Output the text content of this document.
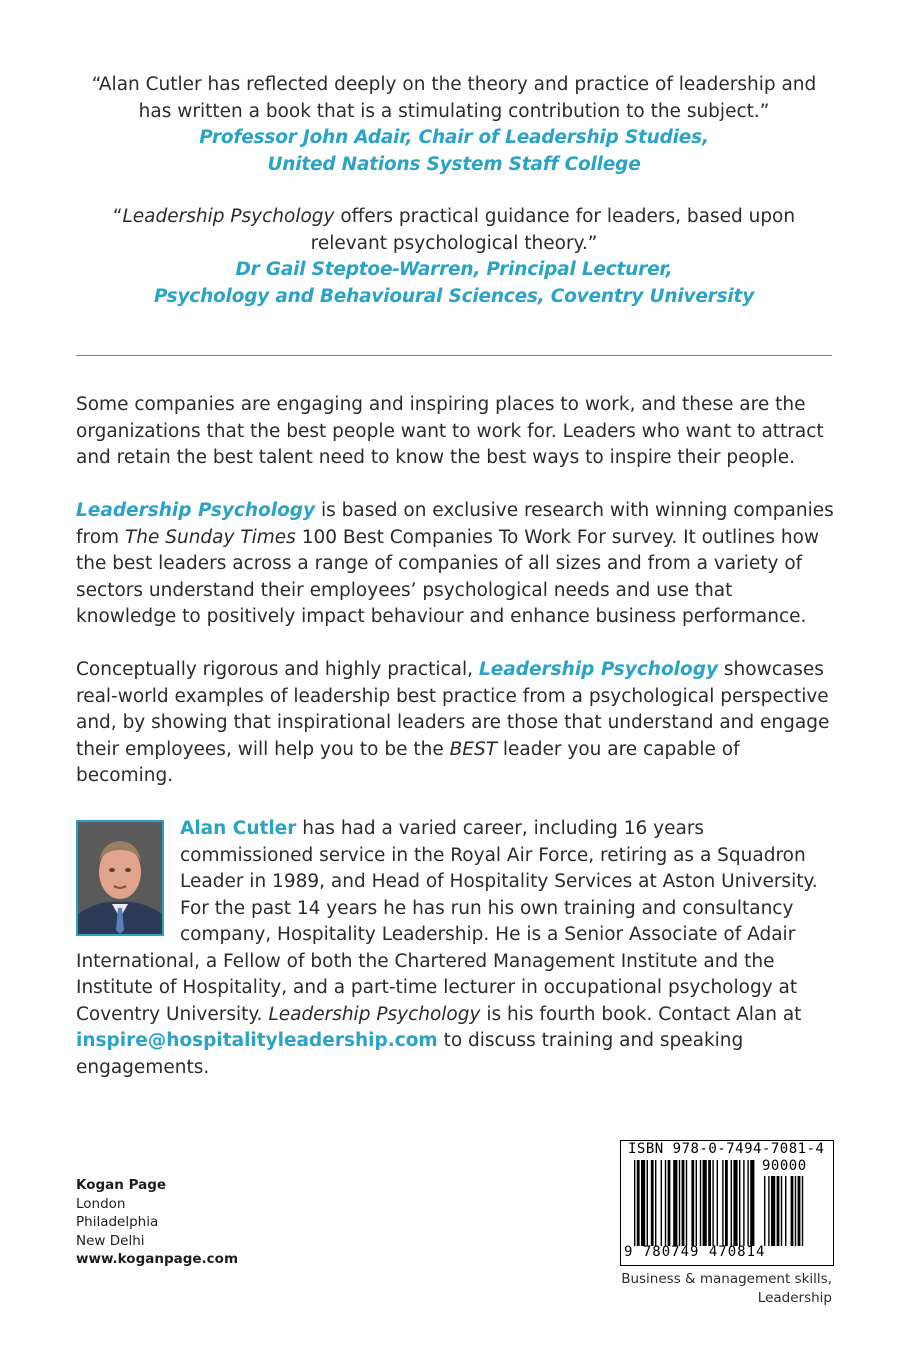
“Alan Cutler has reflected deeply on the theory and practice of leadership and has written a book that is a stimulating contribution to the subject.”
Professor John Adair, Chair of Leadership Studies,
United Nations System Staff College
“Leadership Psychology offers practical guidance for leaders, based upon relevant psychological theory.”
Dr Gail Steptoe-Warren, Principal Lecturer,
Psychology and Behavioural Sciences, Coventry University

Some companies are engaging and inspiring places to work, and these are the organizations that the best people want to work for. Leaders who want to attract and retain the best talent need to know the best ways to inspire their people.

Leadership Psychology is based on exclusive research with winning companies from The Sunday Times 100 Best Companies To Work For survey. It outlines how the best leaders across a range of companies of all sizes and from a variety of sectors understand their employees’ psychological needs and use that knowledge to positively impact behaviour and enhance business performance.

Conceptually rigorous and highly practical, Leadership Psychology showcases real-world examples of leadership best practice from a psychological perspective and, by showing that inspirational leaders are those that understand and engage their employees, will help you to be the BEST leader you are capable of becoming.

Alan Cutler has had a varied career, including 16 years commissioned service in the Royal Air Force, retiring as a Squadron Leader in 1989, and Head of Hospitality Services at Aston University. For the past 14 years he has run his own training and consultancy company, Hospitality Leadership. He is a Senior Associate of Adair International, a Fellow of both the Chartered Management Institute and the Institute of Hospitality, and a part-time lecturer in occupational psychology at Coventry University. Leadership Psychology is his fourth book. Contact Alan at inspire@hospitalityleadership.com to discuss training and speaking engagements.
Kogan Page
London
Philadelphia
New Delhi
www.koganpage.com
ISBN 978-0-7494-7081-4
90000
9 780749 470814
Business & management skills,
Leadership
